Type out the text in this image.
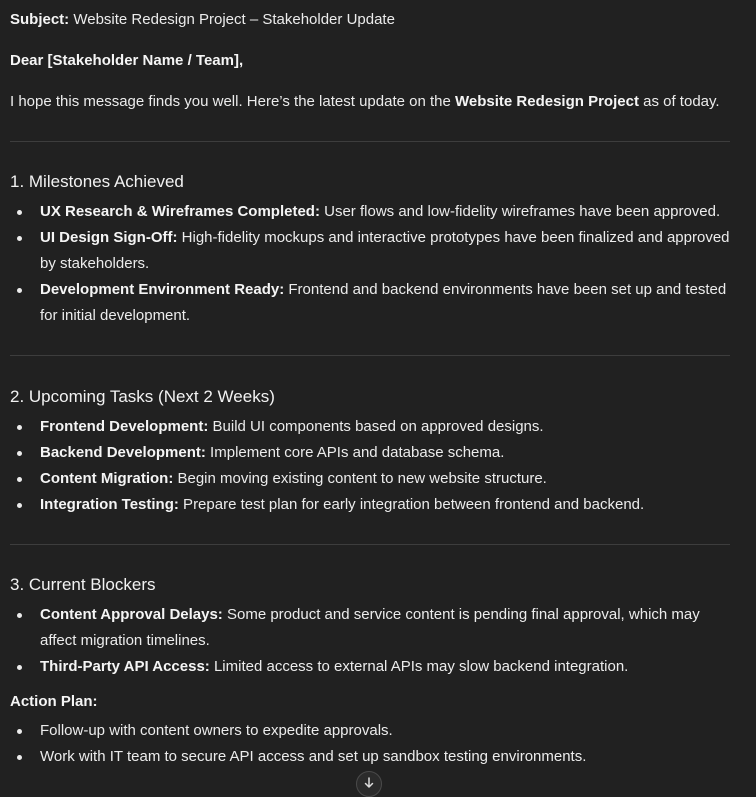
Subject: Website Redesign Project – Stakeholder Update
Dear [Stakeholder Name / Team],
I hope this message finds you well. Here’s the latest update on the Website Redesign Project as of today.
1. Milestones Achieved
UX Research & Wireframes Completed: User flows and low-fidelity wireframes have been approved.
UI Design Sign-Off: High-fidelity mockups and interactive prototypes have been finalized and approved by stakeholders.
Development Environment Ready: Frontend and backend environments have been set up and tested for initial development.
2. Upcoming Tasks (Next 2 Weeks)
Frontend Development: Build UI components based on approved designs.
Backend Development: Implement core APIs and database schema.
Content Migration: Begin moving existing content to new website structure.
Integration Testing: Prepare test plan for early integration between frontend and backend.
3. Current Blockers
Content Approval Delays: Some product and service content is pending final approval, which may affect migration timelines.
Third-Party API Access: Limited access to external APIs may slow backend integration.
Action Plan:
Follow-up with content owners to expedite approvals.
Work with IT team to secure API access and set up sandbox testing environments.
